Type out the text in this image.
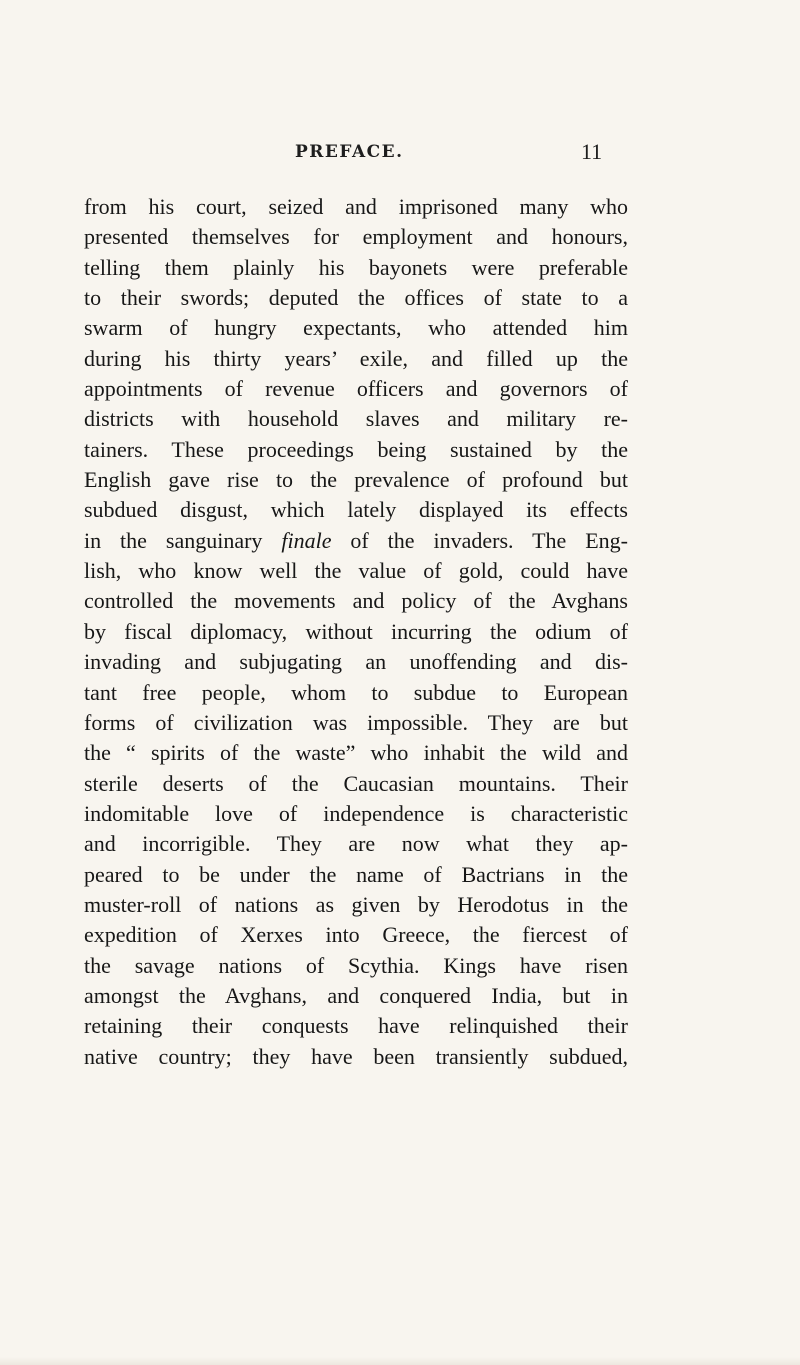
PREFACE.	11
from his court, seized and imprisoned many who
presented themselves for employment and honours,
telling them plainly his bayonets were preferable
to their swords; deputed the offices of state to a
swarm of hungry expectants, who attended him
during his thirty years’ exile, and filled up the
appointments of revenue officers and governors of
districts with household slaves and military re-
tainers. These proceedings being sustained by the
English gave rise to the prevalence of profound but
subdued disgust, which lately displayed its effects
in the sanguinary finale of the invaders. The Eng-
lish, who know well the value of gold, could have
controlled the movements and policy of the Avghans
by fiscal diplomacy, without incurring the odium of
invading and subjugating an unoffending and dis-
tant free people, whom to subdue to European
forms of civilization was impossible. They are but
the “ spirits of the waste” who inhabit the wild and
sterile deserts of the Caucasian mountains. Their
indomitable love of independence is characteristic
and incorrigible. They are now what they ap-
peared to be under the name of Bactrians in the
muster-roll of nations as given by Herodotus in the
expedition of Xerxes into Greece, the fiercest of
the savage nations of Scythia. Kings have risen
amongst the Avghans, and conquered India, but in
retaining their conquests have relinquished their
native country; they have been transiently subdued,
